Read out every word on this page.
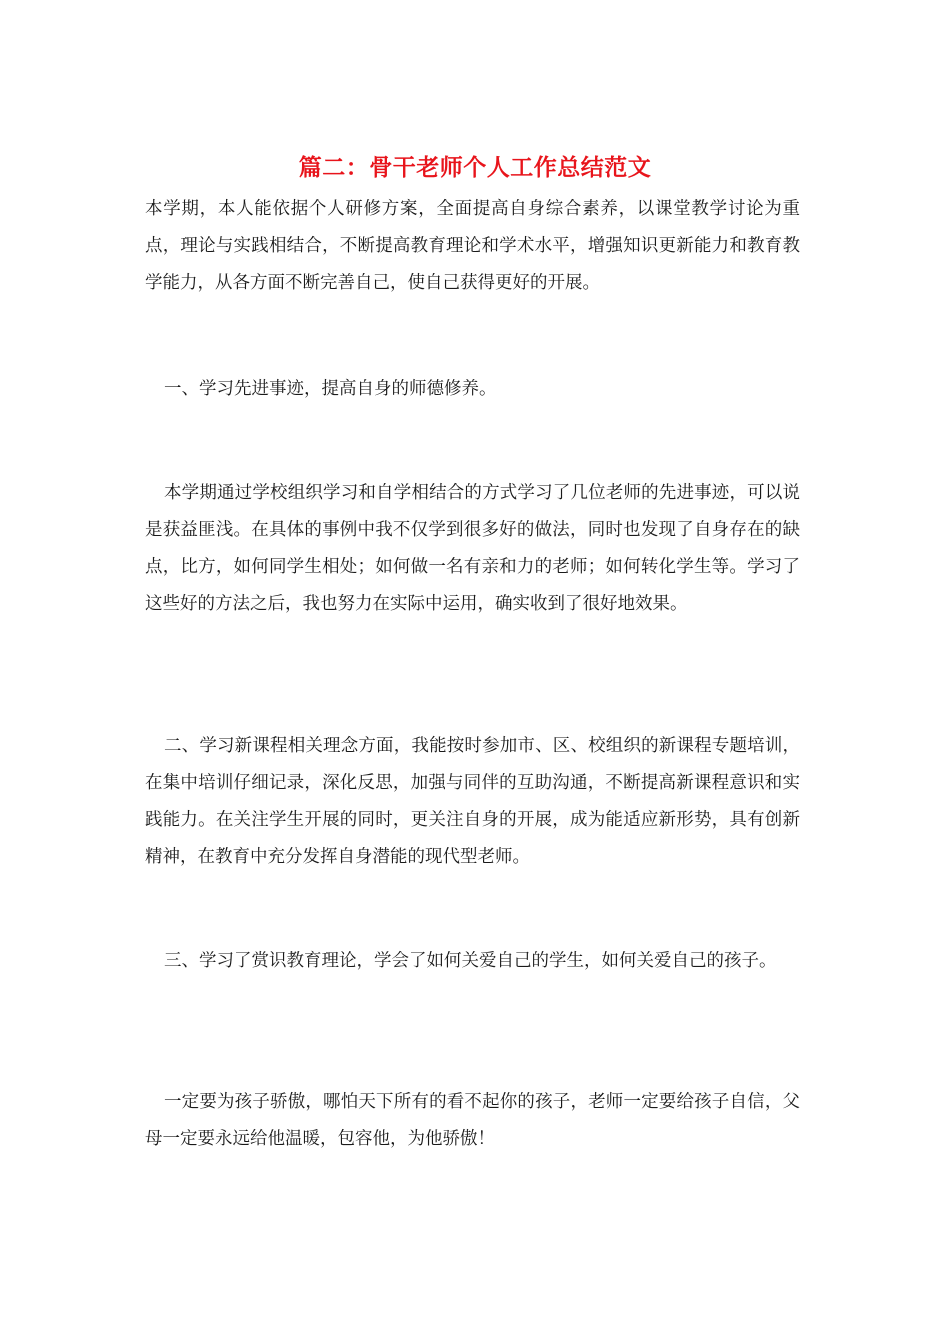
篇二：骨干老师个人工作总结范文

本学期，本人能依据个人研修方案，全面提高自身综合素养，以课堂教学讨论为重点，理论与实践相结合，不断提高教育理论和学术水平，增强知识更新能力和教育教学能力，从各方面不断完善自己，使自己获得更好的开展。

一、学习先进事迹，提高自身的师德修养。

本学期通过学校组织学习和自学相结合的方式学习了几位老师的先进事迹，可以说是获益匪浅。在具体的事例中我不仅学到很多好的做法，同时也发现了自身存在的缺点，比方，如何同学生相处；如何做一名有亲和力的老师；如何转化学生等。学习了这些好的方法之后，我也努力在实际中运用，确实收到了很好地效果。

二、学习新课程相关理念方面，我能按时参加市、区、校组织的新课程专题培训，在集中培训仔细记录，深化反思，加强与同伴的互助沟通，不断提高新课程意识和实践能力。在关注学生开展的同时，更关注自身的开展，成为能适应新形势，具有创新精神，在教育中充分发挥自身潜能的现代型老师。

三、学习了赏识教育理论，学会了如何关爱自己的学生，如何关爱自己的孩子。

一定要为孩子骄傲，哪怕天下所有的看不起你的孩子，老师一定要给孩子自信，父母一定要永远给他温暖，包容他，为他骄傲！
